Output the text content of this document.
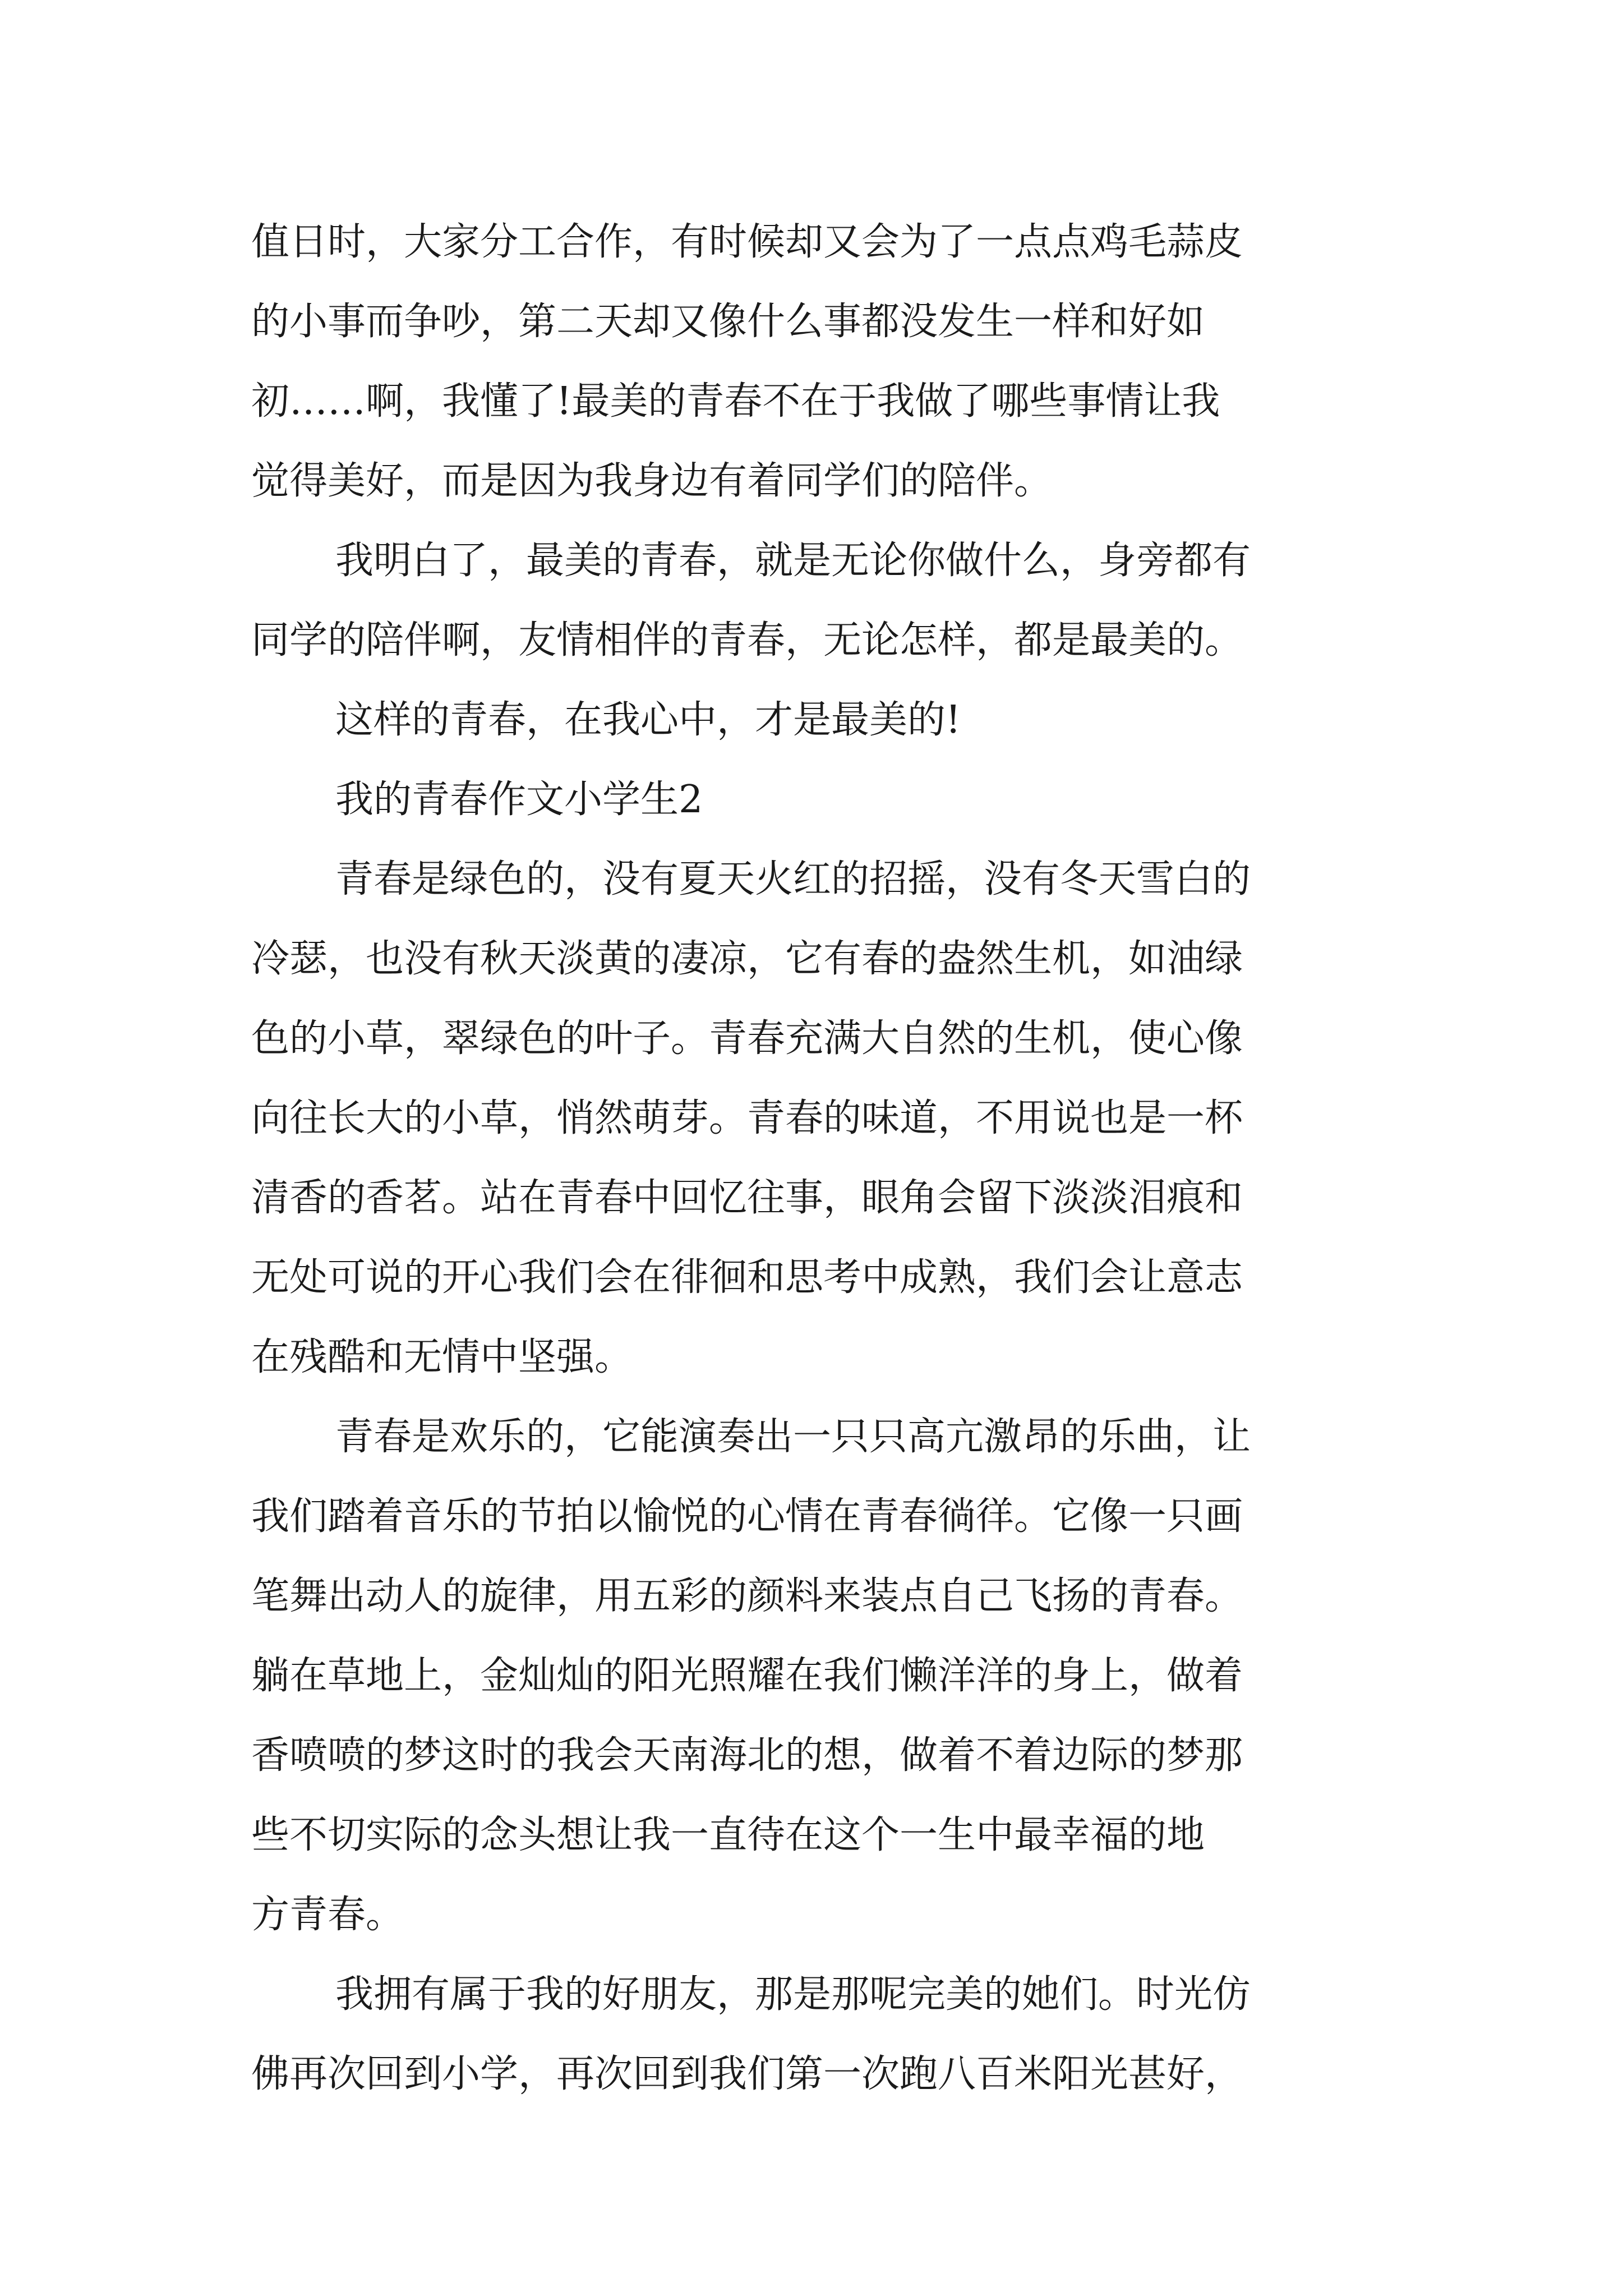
值日时，大家分工合作，有时候却又会为了一点点鸡毛蒜皮

的小事而争吵，第二天却又像什么事都没发生一样和好如

初……啊，我懂了!最美的青春不在于我做了哪些事情让我

觉得美好，而是因为我身边有着同学们的陪伴。

我明白了，最美的青春，就是无论你做什么，身旁都有

同学的陪伴啊，友情相伴的青春，无论怎样，都是最美的。

这样的青春，在我心中，才是最美的!

我的青春作文小学生2

青春是绿色的，没有夏天火红的招摇，没有冬天雪白的

冷瑟，也没有秋天淡黄的凄凉，它有春的盎然生机，如油绿

色的小草，翠绿色的叶子。青春充满大自然的生机，使心像

向往长大的小草，悄然萌芽。青春的味道，不用说也是一杯

清香的香茗。站在青春中回忆往事，眼角会留下淡淡泪痕和

无处可说的开心我们会在徘徊和思考中成熟，我们会让意志

在残酷和无情中坚强。

青春是欢乐的，它能演奏出一只只高亢激昂的乐曲，让

我们踏着音乐的节拍以愉悦的心情在青春徜徉。它像一只画

笔舞出动人的旋律，用五彩的颜料来装点自己飞扬的青春。

躺在草地上，金灿灿的阳光照耀在我们懒洋洋的身上，做着

香喷喷的梦这时的我会天南海北的想，做着不着边际的梦那

些不切实际的念头想让我一直待在这个一生中最幸福的地

方青春。

我拥有属于我的好朋友，那是那呢完美的她们。时光仿

佛再次回到小学，再次回到我们第一次跑八百米阳光甚好，
